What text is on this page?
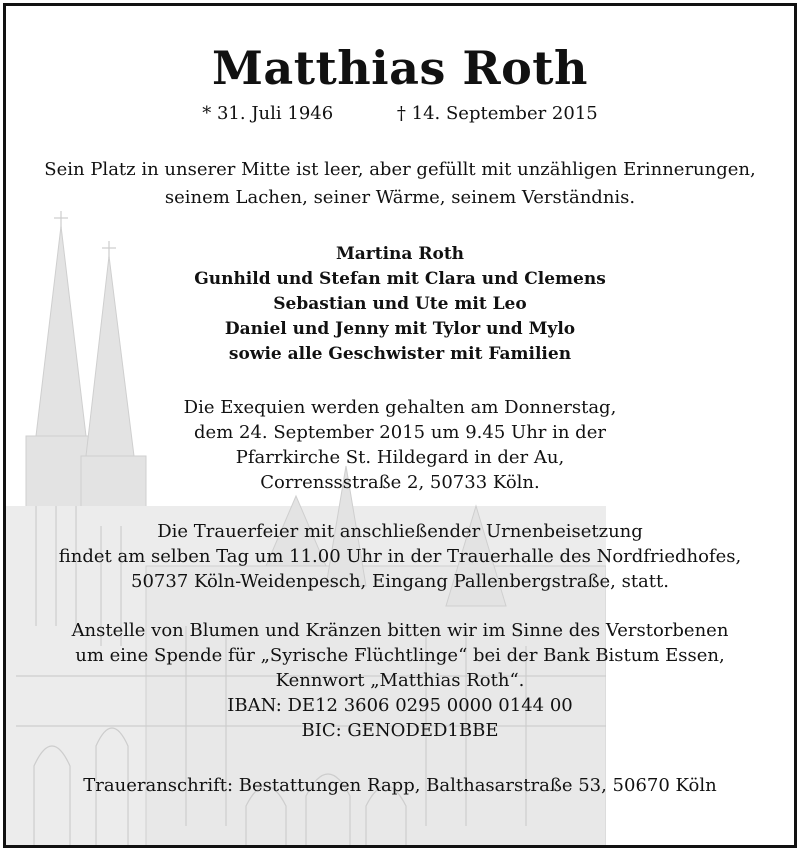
Matthias Roth
* 31. Juli 1946	† 14. September 2015
Sein Platz in unserer Mitte ist leer, aber gefüllt mit unzähligen Erinnerungen,
seinem Lachen, seiner Wärme, seinem Verständnis.
Martina Roth
Gunhild und Stefan mit Clara und Clemens
Sebastian und Ute mit Leo
Daniel und Jenny mit Tylor und Mylo
sowie alle Geschwister mit Familien
Die Exequien werden gehalten am Donnerstag,
dem 24. September 2015 um 9.45 Uhr in der
Pfarrkirche St. Hildegard in der Au,
Correnssstraße 2, 50733 Köln.
Die Trauerfeier mit anschließender Urnenbeisetzung
findet am selben Tag um 11.00 Uhr in der Trauerhalle des Nordfriedhofes,
50737 Köln-Weidenpesch, Eingang Pallenbergstraße, statt.
Anstelle von Blumen und Kränzen bitten wir im Sinne des Verstorbenen
um eine Spende für „Syrische Flüchtlinge“ bei der Bank Bistum Essen,
Kennwort „Matthias Roth“.
IBAN: DE12 3606 0295 0000 0144 00
BIC: GENODED1BBE
Traueranschrift: Bestattungen Rapp, Balthasarstraße 53, 50670 Köln
